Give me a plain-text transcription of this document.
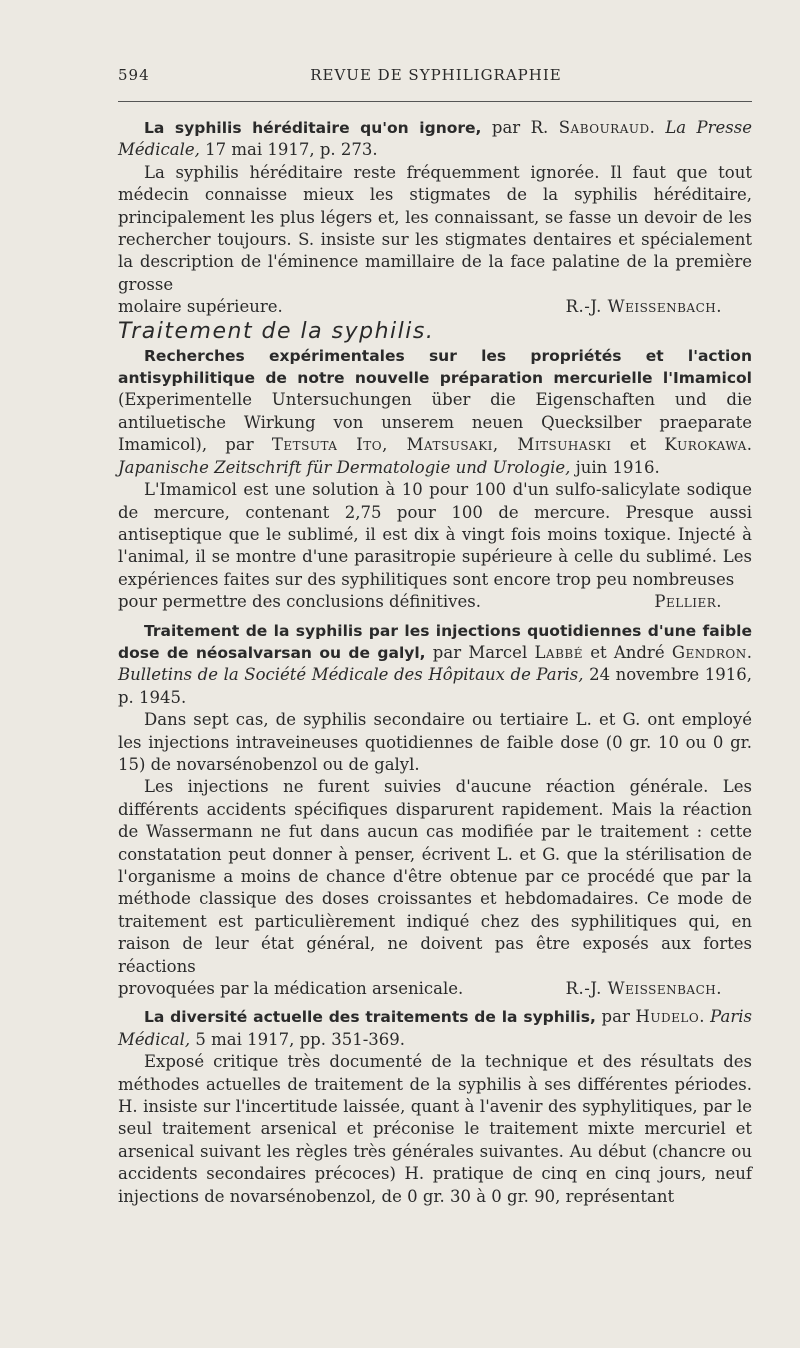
594	REVUE DE SYPHILIGRAPHIE

La syphilis héréditaire qu'on ignore, par R. Sabouraud. La Presse Médicale, 17 mai 1917, p. 273.

La syphilis héréditaire reste fréquemment ignorée. Il faut que tout médecin connaisse mieux les stigmates de la syphilis héréditaire, principalement les plus légers et, les connaissant, se fasse un devoir de les rechercher toujours. S. insiste sur les stigmates dentaires et spécialement la description de l'éminence mamillaire de la face palatine de la première grosse

molaire supérieure.	R.-J. Weissenbach.

Traitement de la syphilis.

Recherches expérimentales sur les propriétés et l'action antisyphilitique de notre nouvelle préparation mercurielle l'Imamicol (Experimentelle Untersuchungen über die Eigenschaften und die antiluetische Wirkung von unserem neuen Quecksilber praeparate Imamicol), par Tetsuta Ito, Matsusaki, Mitsuhaski et Kurokawa. Japanische Zeitschrift für Dermatologie und Urologie, juin 1916.

L'Imamicol est une solution à 10 pour 100 d'un sulfo-salicylate sodique de mercure, contenant 2,75 pour 100 de mercure. Presque aussi antiseptique que le sublimé, il est dix à vingt fois moins toxique. Injecté à l'animal, il se montre d'une parasitropie supérieure à celle du sublimé. Les expériences faites sur des syphilitiques sont encore trop peu nombreuses

pour permettre des conclusions définitives.	Pellier.

Traitement de la syphilis par les injections quotidiennes d'une faible dose de néosalvarsan ou de galyl, par Marcel Labbé et André Gendron. Bulletins de la Société Médicale des Hôpitaux de Paris, 24 novembre 1916, p. 1945.

Dans sept cas, de syphilis secondaire ou tertiaire L. et G. ont employé les injections intraveineuses quotidiennes de faible dose (0 gr. 10 ou 0 gr. 15) de novarsénobenzol ou de galyl.

Les injections ne furent suivies d'aucune réaction générale. Les différents accidents spécifiques disparurent rapidement. Mais la réaction de Wassermann ne fut dans aucun cas modifiée par le traitement : cette constatation peut donner à penser, écrivent L. et G. que la stérilisation de l'organisme a moins de chance d'être obtenue par ce procédé que par la méthode classique des doses croissantes et hebdomadaires. Ce mode de traitement est particulièrement indiqué chez des syphilitiques qui, en raison de leur état général, ne doivent pas être exposés aux fortes réactions

provoquées par la médication arsenicale.	R.-J. Weissenbach.

La diversité actuelle des traitements de la syphilis, par Hudelo. Paris Médical, 5 mai 1917, pp. 351-369.

Exposé critique très documenté de la technique et des résultats des méthodes actuelles de traitement de la syphilis à ses différentes périodes. H. insiste sur l'incertitude laissée, quant à l'avenir des syphylitiques, par le seul traitement arsenical et préconise le traitement mixte mercuriel et arsenical suivant les règles très générales suivantes. Au début (chancre ou accidents secondaires précoces) H. pratique de cinq en cinq jours, neuf injections de novarsénobenzol, de 0 gr. 30 à 0 gr. 90, représentant
